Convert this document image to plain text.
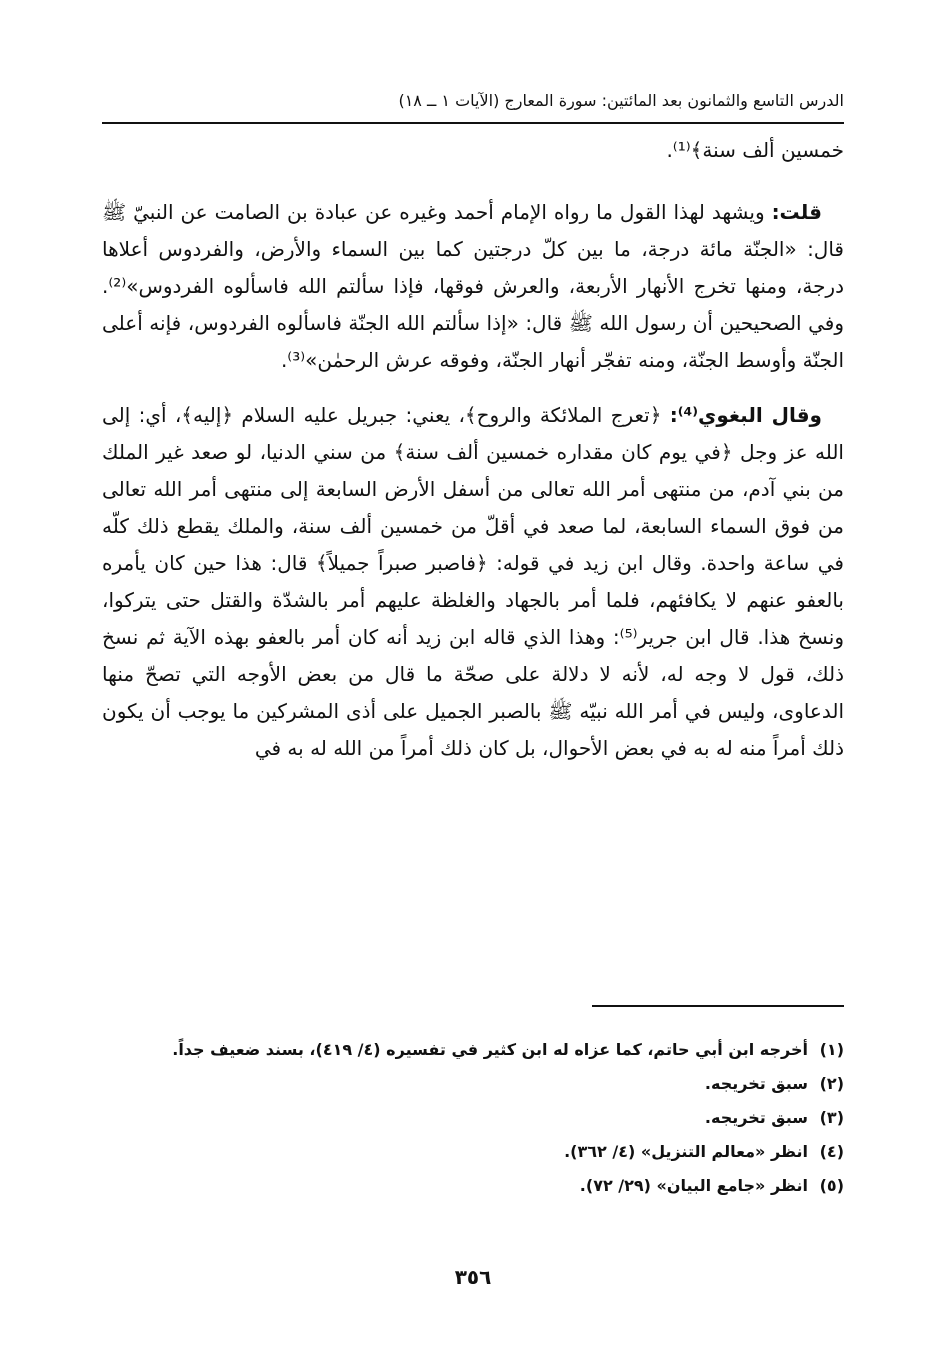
الدرس التاسع والثمانون بعد المائتين: سورة المعارج (الآيات ١ ــ ١٨)

خمسين ألف سنة﴾⁽¹⁾.

قلت: ويشهد لهذا القول ما رواه الإمام أحمد وغيره عن عبادة بن الصامت عن النبيّ ﷺ قال: «الجنّة مائة درجة، ما بين كلّ درجتين كما بين السماء والأرض، والفردوس أعلاها درجة، ومنها تخرج الأنهار الأربعة، والعرش فوقها، فإذا سألتم الله فاسألوه الفردوس»⁽²⁾. وفي الصحيحين أن رسول الله ﷺ قال: «إذا سألتم الله الجنّة فاسألوه الفردوس، فإنه أعلى الجنّة وأوسط الجنّة، ومنه تفجّر أنهار الجنّة، وفوقه عرش الرحمٰن»⁽³⁾.

وقال البغوي⁽⁴⁾: ﴿تعرج الملائكة والروح﴾، يعني: جبريل عليه السلام ﴿إليه﴾، أي: إلى الله عز وجل ﴿في يوم كان مقداره خمسين ألف سنة﴾ من سني الدنيا، لو صعد غير الملك من بني آدم، من منتهى أمر الله تعالى من أسفل الأرض السابعة إلى منتهى أمر الله تعالى من فوق السماء السابعة، لما صعد في أقلّ من خمسين ألف سنة، والملك يقطع ذلك كلّه في ساعة واحدة. وقال ابن زيد في قوله: ﴿فاصبر صبراً جميلاً﴾ قال: هذا حين كان يأمره بالعفو عنهم لا يكافئهم، فلما أمر بالجهاد والغلظة عليهم أمر بالشدّة والقتل حتى يتركوا، ونسخ هذا. قال ابن جرير⁽⁵⁾: وهذا الذي قاله ابن زيد أنه كان أمر بالعفو بهذه الآية ثم نسخ ذلك، قول لا وجه له، لأنه لا دلالة على صحّة ما قال من بعض الأوجه التي تصحّ منها الدعاوى، وليس في أمر الله نبيّه ﷺ بالصبر الجميل على أذى المشركين ما يوجب أن يكون ذلك أمراً منه له به في بعض الأحوال، بل كان ذلك أمراً من الله له به في

(١)أخرجه ابن أبي حاتم، كما عزاه له ابن كثير في تفسيره (٤/ ٤١٩)، بسند ضعيف جداً.
(٢)سبق تخريجه.
(٣)سبق تخريجه.
(٤)انظر «معالم التنزيل» (٤/ ٣٦٢).
(٥)انظر «جامع البيان» (٢٩/ ٧٢).
٣٥٦
